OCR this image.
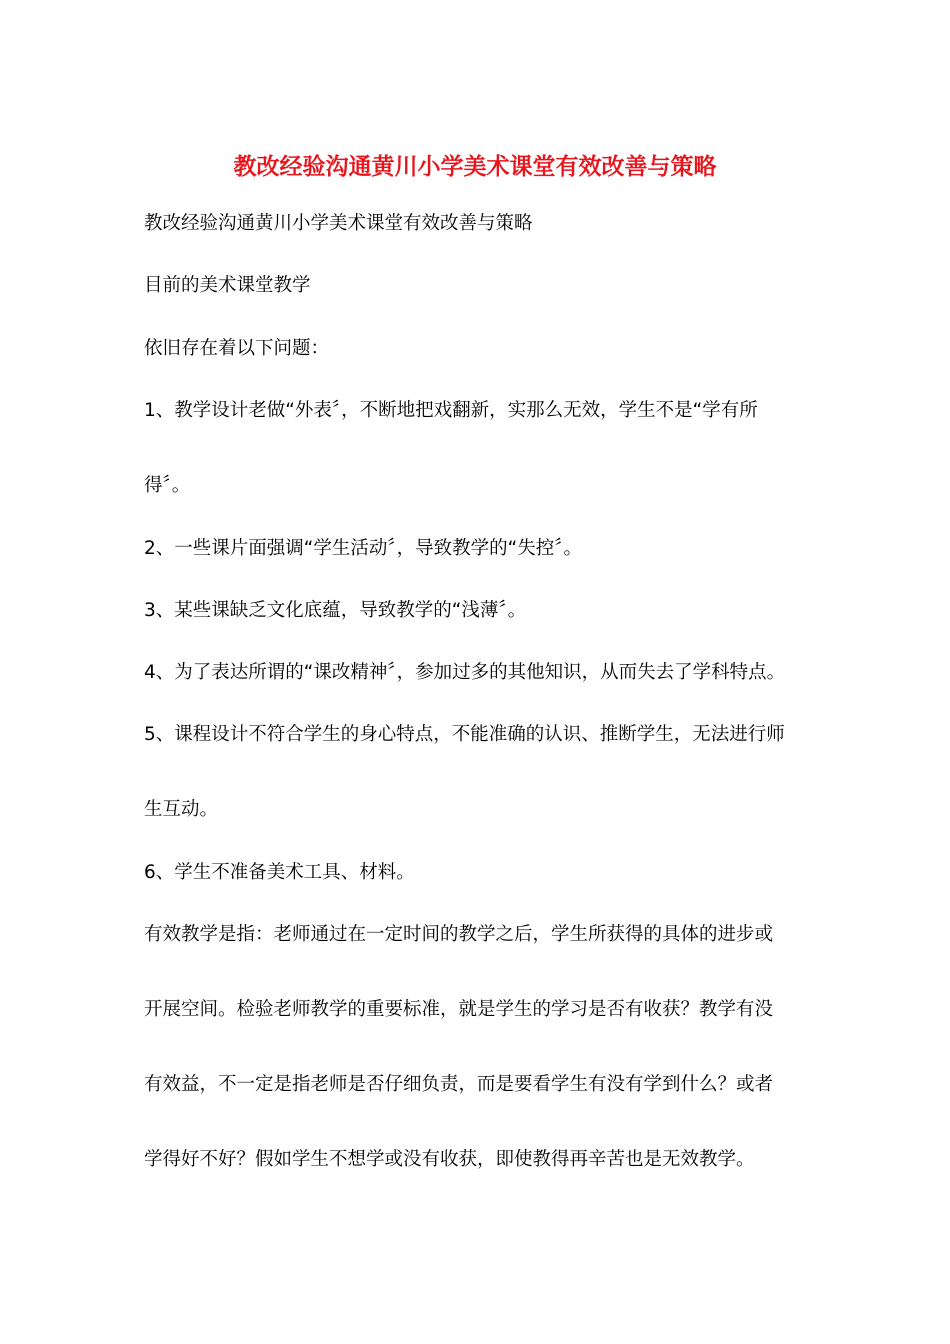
教改经验沟通黄川小学美术课堂有效改善与策略
教改经验沟通黄川小学美术课堂有效改善与策略
目前的美术课堂教学
依旧存在着以下问题：
1、教学设计老做“外表〞，不断地把戏翻新，实那么无效，学生不是“学有所
得〞。
2、一些课片面强调“学生活动〞，导致教学的“失控〞。
3、某些课缺乏文化底蕴，导致教学的“浅薄〞。
4、为了表达所谓的“课改精神〞，参加过多的其他知识，从而失去了学科特点。
5、课程设计不符合学生的身心特点，不能准确的认识、推断学生，无法进行师
生互动。
6、学生不准备美术工具、材料。
有效教学是指：老师通过在一定时间的教学之后，学生所获得的具体的进步或
开展空间。检验老师教学的重要标准，就是学生的学习是否有收获？教学有没
有效益，不一定是指老师是否仔细负责，而是要看学生有没有学到什么？或者
学得好不好？假如学生不想学或没有收获，即使教得再辛苦也是无效教学。
